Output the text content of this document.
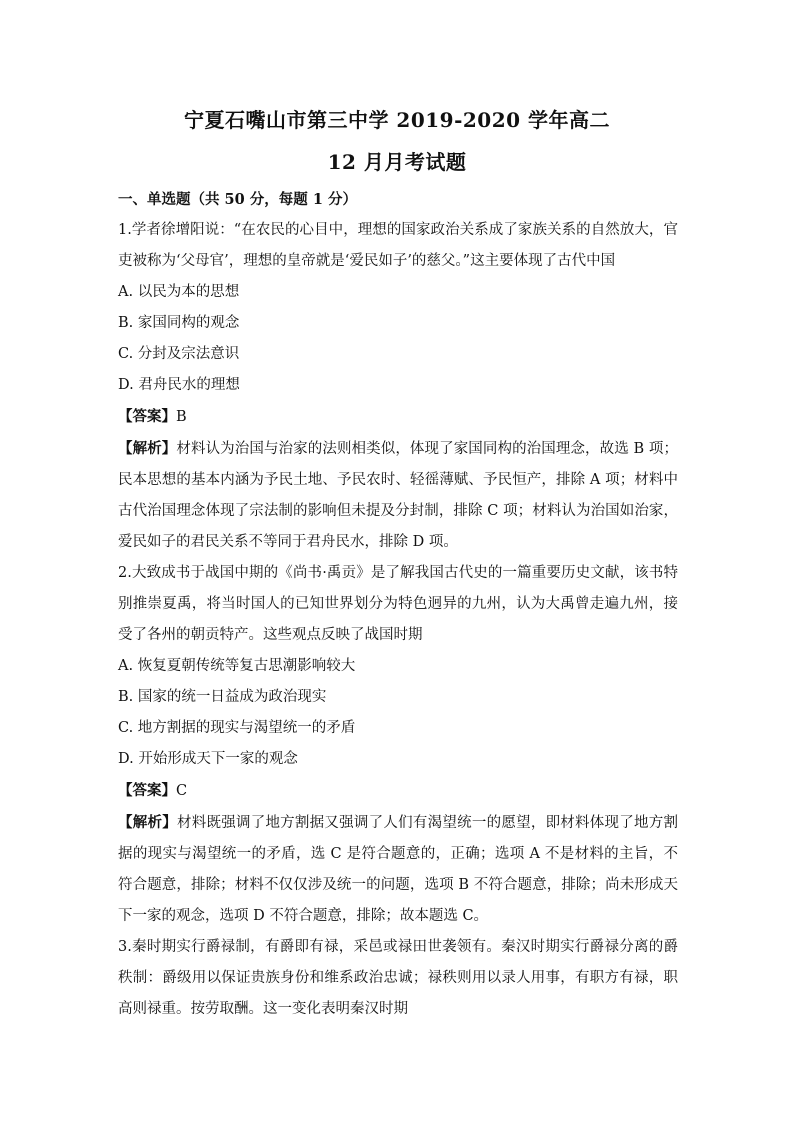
宁夏石嘴山市第三中学 2019-2020 学年高二
12 月月考试题

一、单选题（共 50 分，每题 1 分）

1.学者徐增阳说：“在农民的心目中，理想的国家政治关系成了家族关系的自然放大，官吏被称为‘父母官’，理想的皇帝就是‘爱民如子’的慈父。”这主要体现了古代中国

A. 以民为本的思想

B. 家国同构的观念

C. 分封及宗法意识

D. 君舟民水的理想

【答案】B

【解析】材料认为治国与治家的法则相类似，体现了家国同构的治国理念，故选 B 项；民本思想的基本内涵为予民土地、予民农时、轻徭薄赋、予民恒产，排除 A 项；材料中古代治国理念体现了宗法制的影响但未提及分封制，排除 C 项；材料认为治国如治家，爱民如子的君民关系不等同于君舟民水，排除 D 项。

2.大致成书于战国中期的《尚书·禹贡》是了解我国古代史的一篇重要历史文献，该书特别推崇夏禹，将当时国人的已知世界划分为特色迥异的九州，认为大禹曾走遍九州，接受了各州的朝贡特产。这些观点反映了战国时期

A. 恢复夏朝传统等复古思潮影响较大

B. 国家的统一日益成为政治现实

C. 地方割据的现实与渴望统一的矛盾

D. 开始形成天下一家的观念

【答案】C

【解析】材料既强调了地方割据又强调了人们有渴望统一的愿望，即材料体现了地方割据的现实与渴望统一的矛盾，选 C 是符合题意的，正确；选项 A 不是材料的主旨，不符合题意，排除；材料不仅仅涉及统一的问题，选项 B 不符合题意，排除；尚未形成天下一家的观念，选项 D 不符合题意，排除；故本题选 C。

3.秦时期实行爵禄制，有爵即有禄，采邑或禄田世袭领有。秦汉时期实行爵禄分离的爵秩制：爵级用以保证贵族身份和维系政治忠诚；禄秩则用以录人用事，有职方有禄，职高则禄重。按劳取酬。这一变化表明秦汉时期
